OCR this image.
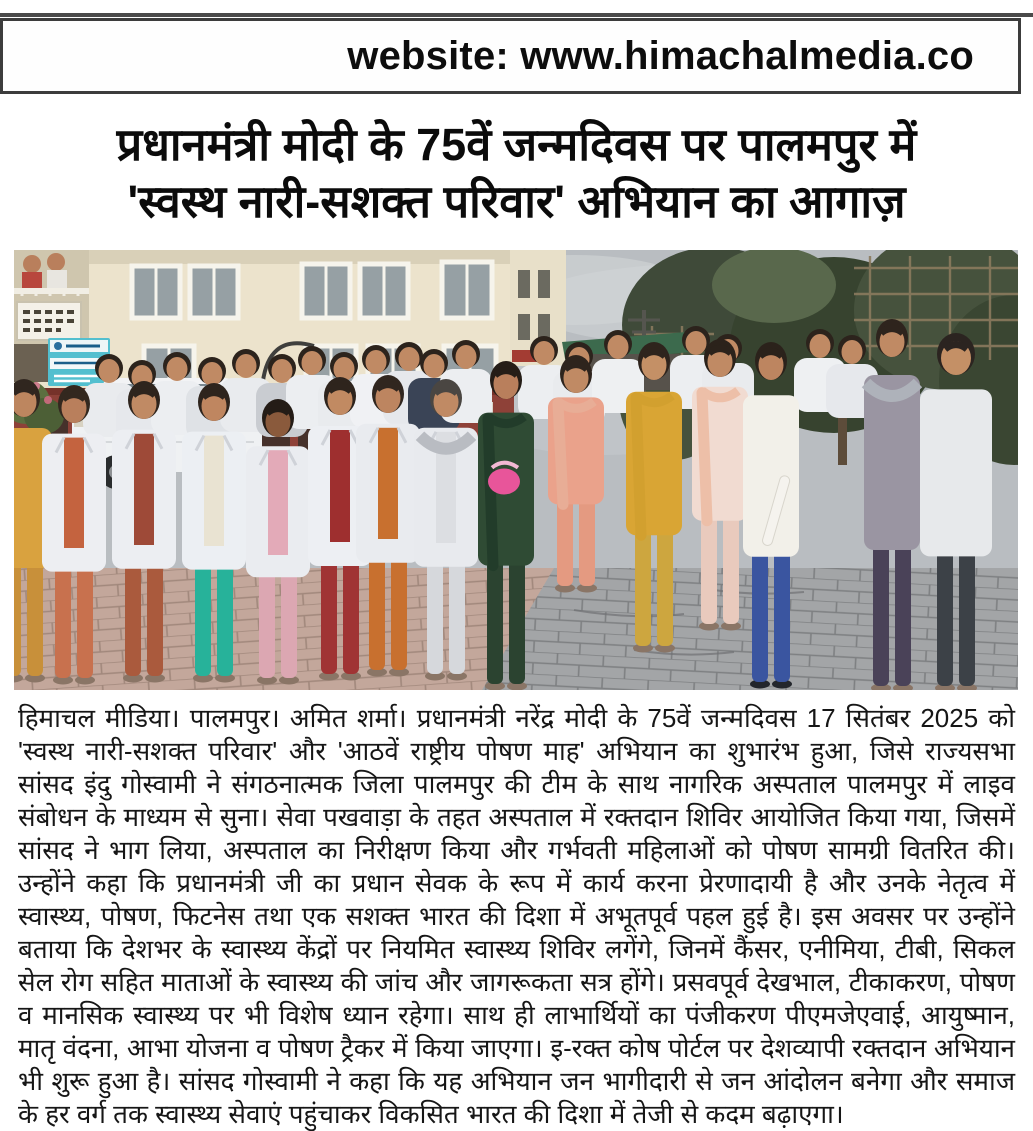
website: www.himachalmedia.co
प्रधानमंत्री मोदी के 75वें जन्मदिवस पर पालमपुर में
'स्वस्थ नारी-सशक्त परिवार' अभियान का आगाज़

हिमाचल मीडिया। पालमपुर। अमित शर्मा। प्रधानमंत्री नरेंद्र मोदी के 75वें जन्मदिवस 17 सितंबर 2025 को 'स्वस्थ नारी-सशक्त परिवार' और 'आठवें राष्ट्रीय पोषण माह' अभियान का शुभारंभ हुआ, जिसे राज्यसभा सांसद इंदु गोस्वामी ने संगठनात्मक जिला पालमपुर की टीम के साथ नागरिक अस्पताल पालमपुर में लाइव संबोधन के माध्यम से सुना। सेवा पखवाड़ा के तहत अस्पताल में रक्तदान शिविर आयोजित किया गया, जिसमें सांसद ने भाग लिया, अस्पताल का निरीक्षण किया और गर्भवती महिलाओं को पोषण सामग्री वितरित की। उन्होंने कहा कि प्रधानमंत्री जी का प्रधान सेवक के रूप में कार्य करना प्रेरणादायी है और उनके नेतृत्व में स्वास्थ्य, पोषण, फिटनेस तथा एक सशक्त भारत की दिशा में अभूतपूर्व पहल हुई है। इस अवसर पर उन्होंने बताया कि देशभर के स्वास्थ्य केंद्रों पर नियमित स्वास्थ्य शिविर लगेंगे, जिनमें कैंसर, एनीमिया, टीबी, सिकल सेल रोग सहित माताओं के स्वास्थ्य की जांच और जागरूकता सत्र होंगे। प्रसवपूर्व देखभाल, टीकाकरण, पोषण व मानसिक स्वास्थ्य पर भी विशेष ध्यान रहेगा। साथ ही लाभार्थियों का पंजीकरण पीएमजेएवाई, आयुष्मान, मातृ वंदना, आभा योजना व पोषण ट्रैकर में किया जाएगा। इ-रक्त कोष पोर्टल पर देशव्यापी रक्तदान अभियान भी शुरू हुआ है। सांसद गोस्वामी ने कहा कि यह अभियान जन भागीदारी से जन आंदोलन बनेगा और समाज के हर वर्ग तक स्वास्थ्य सेवाएं पहुंचाकर विकसित भारत की दिशा में तेजी से कदम बढ़ाएगा।
